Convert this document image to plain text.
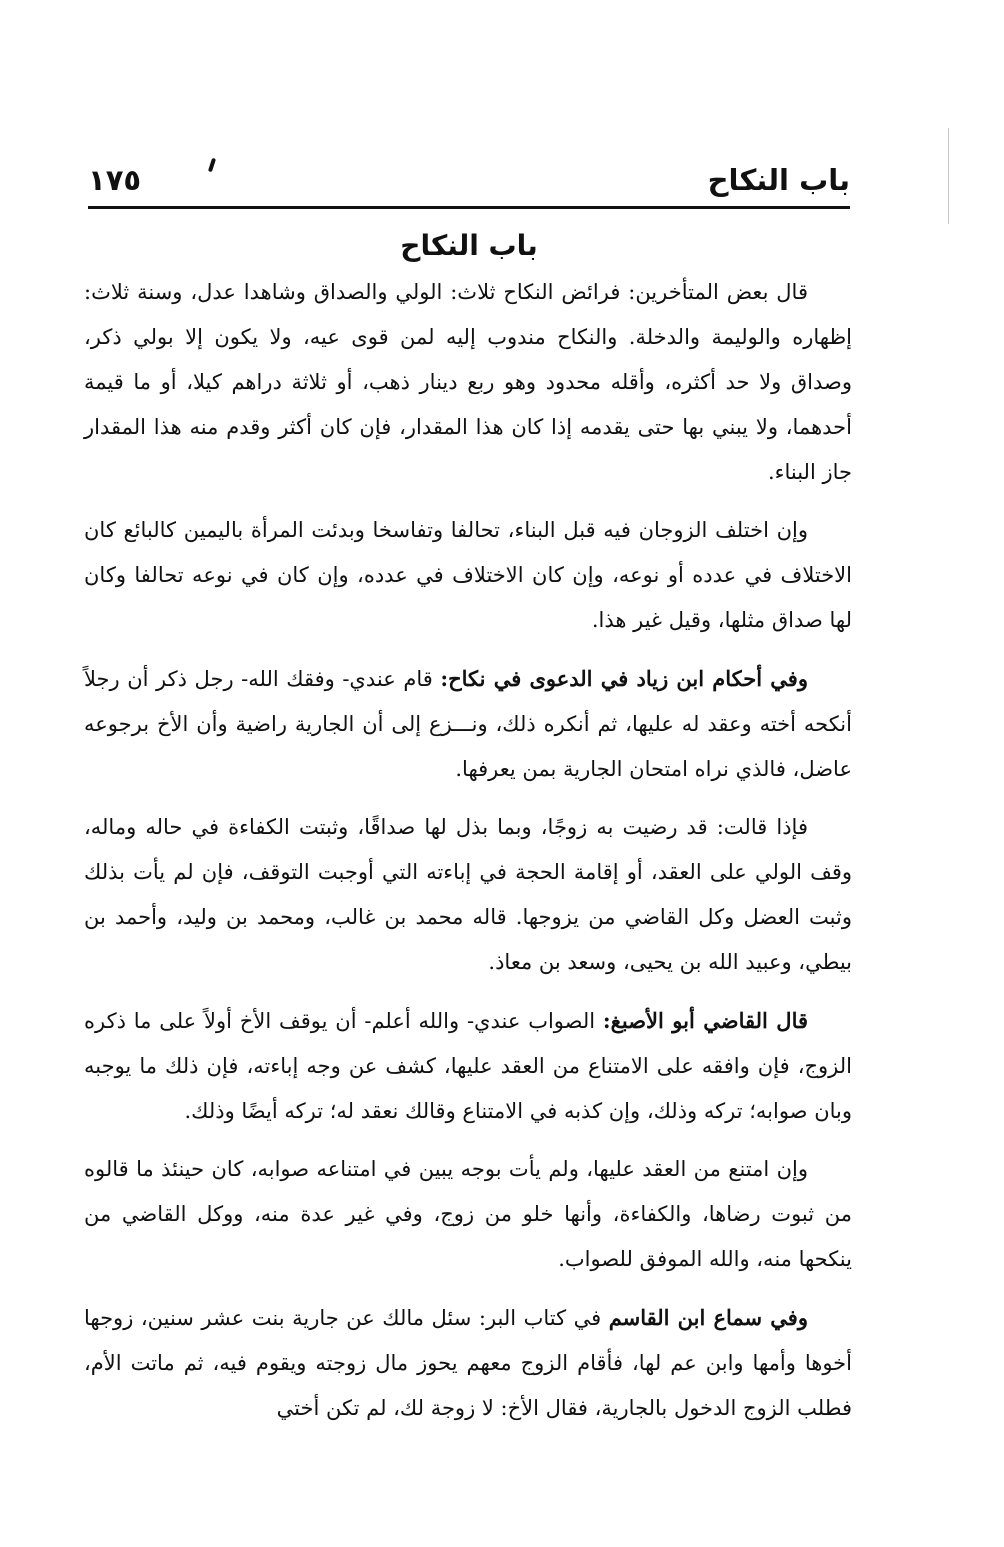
باب النكاح
١٧٥
باب النكاح

قال بعض المتأخرين: فرائض النكاح ثلاث: الولي والصداق وشاهدا عدل، وسنة ثلاث: إظهاره والوليمة والدخلة. والنكاح مندوب إليه لمن قوى عيه، ولا يكون إلا بولي ذكر، وصداق ولا حد أكثره، وأقله محدود وهو ربع دينار ذهب، أو ثلاثة دراهم كيلا، أو ما قيمة أحدهما، ولا يبني بها حتى يقدمه إذا كان هذا المقدار، فإن كان أكثر وقدم منه هذا المقدار جاز البناء.

وإن اختلف الزوجان فيه قبل البناء، تحالفا وتفاسخا وبدئت المرأة باليمين كالبائع كان الاختلاف في عدده أو نوعه، وإن كان الاختلاف في عدده، وإن كان في نوعه تحالفا وكان لها صداق مثلها، وقيل غير هذا.

وفي أحكام ابن زياد في الدعوى في نكاح: قام عندي- وفقك الله- رجل ذكر أن رجلاً أنكحه أخته وعقد له عليها، ثم أنكره ذلك، ونـــزع إلى أن الجارية راضية وأن الأخ برجوعه عاضل، فالذي نراه امتحان الجارية بمن يعرفها.

فإذا قالت: قد رضيت به زوجًا، وبما بذل لها صداقًا، وثبتت الكفاءة في حاله وماله، وقف الولي على العقد، أو إقامة الحجة في إباءته التي أوجبت التوقف، فإن لم يأت بذلك وثبت العضل وكل القاضي من يزوجها. قاله محمد بن غالب، ومحمد بن وليد، وأحمد بن بيطي، وعبيد الله بن يحيى، وسعد بن معاذ.

قال القاضي أبو الأصبغ: الصواب عندي- والله أعلم- أن يوقف الأخ أولاً على ما ذكره الزوج، فإن وافقه على الامتناع من العقد عليها، كشف عن وجه إباءته، فإن ذلك ما يوجبه وبان صوابه؛ تركه وذلك، وإن كذبه في الامتناع وقالك نعقد له؛ تركه أيضًا وذلك.

وإن امتنع من العقد عليها، ولم يأت بوجه يبين في امتناعه صوابه، كان حينئذ ما قالوه من ثبوت رضاها، والكفاءة، وأنها خلو من زوج، وفي غير عدة منه، ووكل القاضي من ينكحها منه، والله الموفق للصواب.

وفي سماع ابن القاسم في كتاب البر: سئل مالك عن جارية بنت عشر سنين، زوجها أخوها وأمها وابن عم لها، فأقام الزوج معهم يحوز مال زوجته ويقوم فيه، ثم ماتت الأم، فطلب الزوج الدخول بالجارية، فقال الأخ: لا زوجة لك، لم تكن أختي
